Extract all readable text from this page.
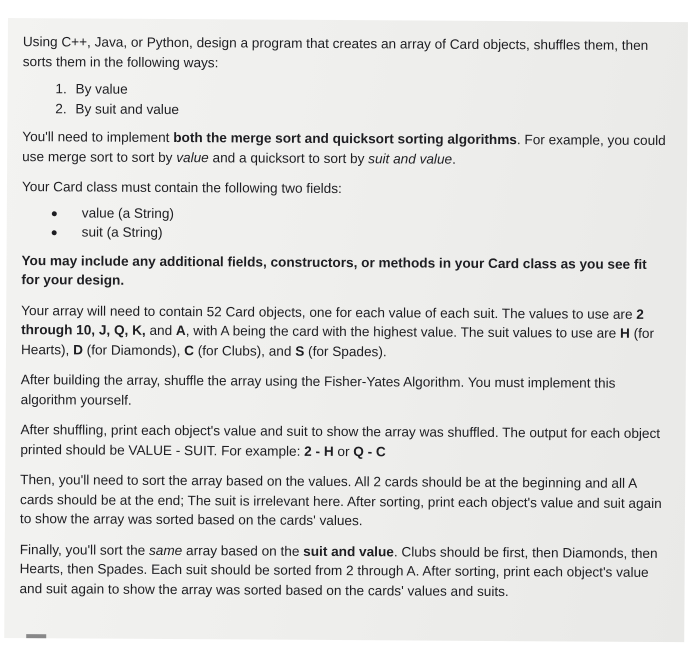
Using C++, Java, or Python, design a program that creates an array of Card objects, shuffles them, then sorts them in the following ways:

1. By value
2. By suit and value

You'll need to implement both the merge sort and quicksort sorting algorithms. For example, you could use merge sort to sort by value and a quicksort to sort by suit and value.

Your Card class must contain the following two fields:

value (a String)
suit (a String)

You may include any additional fields, constructors, or methods in your Card class as you see fit for your design.

Your array will need to contain 52 Card objects, one for each value of each suit. The values to use are 2 through 10, J, Q, K, and A, with A being the card with the highest value. The suit values to use are H (for Hearts), D (for Diamonds), C (for Clubs), and S (for Spades).

After building the array, shuffle the array using the Fisher-Yates Algorithm. You must implement this algorithm yourself.

After shuffling, print each object's value and suit to show the array was shuffled. The output for each object printed should be VALUE - SUIT. For example: 2 - H or Q - C

Then, you'll need to sort the array based on the values. All 2 cards should be at the beginning and all A cards should be at the end; The suit is irrelevant here. After sorting, print each object's value and suit again to show the array was sorted based on the cards' values.

Finally, you'll sort the same array based on the suit and value. Clubs should be first, then Diamonds, then Hearts, then Spades. Each suit should be sorted from 2 through A. After sorting, print each object's value and suit again to show the array was sorted based on the cards' values and suits.
